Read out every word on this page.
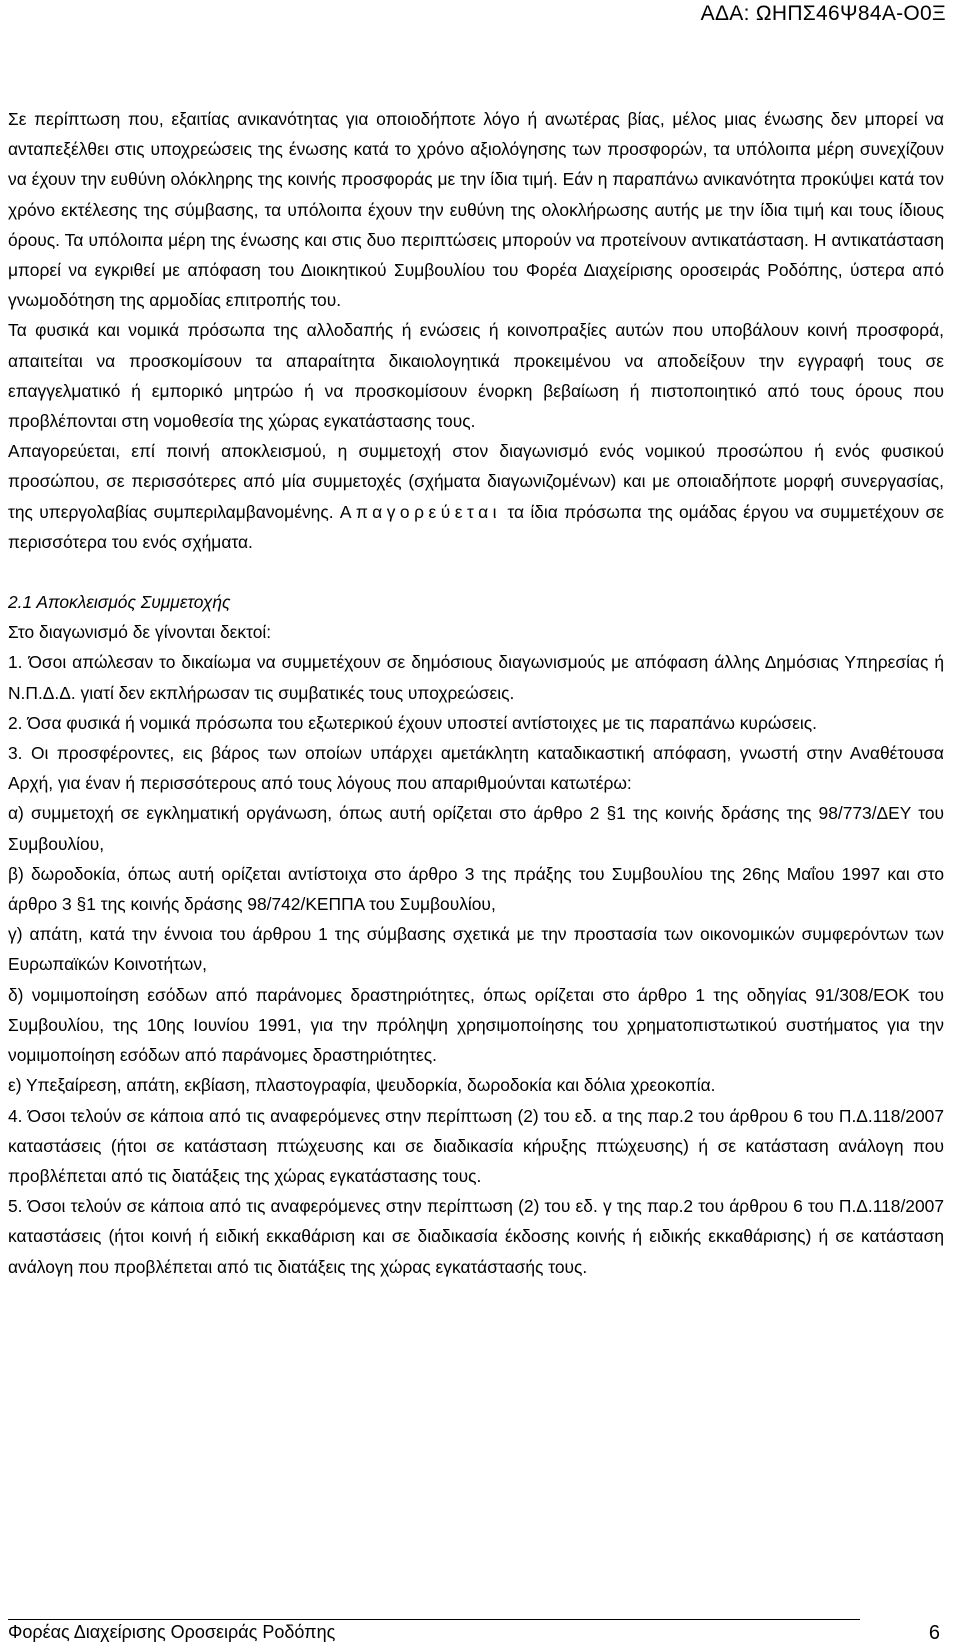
ΑΔΑ: ΩΗΠΣ46Ψ84Α-Ο0Ξ

Σε περίπτωση που, εξαιτίας ανικανότητας για οποιοδήποτε λόγο ή ανωτέρας βίας, μέλος μιας ένωσης δεν μπορεί να ανταπεξέλθει στις υποχρεώσεις της ένωσης κατά το χρόνο αξιολόγησης των προσφορών, τα υπόλοιπα μέρη συνεχίζουν να έχουν την ευθύνη ολόκληρης της κοινής προσφοράς με την ίδια τιμή. Εάν η παραπάνω ανικανότητα προκύψει κατά τον χρόνο εκτέλεσης της σύμβασης, τα υπόλοιπα έχουν την ευθύνη της ολοκλήρωσης αυτής με την ίδια τιμή και τους ίδιους όρους. Τα υπόλοιπα μέρη της ένωσης και στις δυο περιπτώσεις μπορούν να προτείνουν αντικατάσταση. Η αντικατάσταση μπορεί να εγκριθεί με απόφαση του Διοικητικού Συμβουλίου του Φορέα Διαχείρισης οροσειράς Ροδόπης, ύστερα από γνωμοδότηση της αρμοδίας επιτροπής του.

Τα φυσικά και νομικά πρόσωπα της αλλοδαπής ή ενώσεις ή κοινοπραξίες αυτών που υποβάλουν κοινή προσφορά, απαιτείται να προσκομίσουν τα απαραίτητα δικαιολογητικά προκειμένου να αποδείξουν την εγγραφή τους σε επαγγελματικό ή εμπορικό μητρώο ή να προσκομίσουν ένορκη βεβαίωση ή πιστοποιητικό από τους όρους που προβλέπονται στη νομοθεσία της χώρας εγκατάστασης τους.

Απαγορεύεται, επί ποινή αποκλεισμού, η συμμετοχή στον διαγωνισμό ενός νομικού προσώπου ή ενός φυσικού προσώπου, σε περισσότερες από μία συμμετοχές (σχήματα διαγωνιζομένων) και με οποιαδήποτε μορφή συνεργασίας, της υπεργολαβίας συμπεριλαμβανομένης. Απαγορεύεται τα ίδια πρόσωπα της ομάδας έργου να συμμετέχουν σε περισσότερα του ενός σχήματα.

2.1 Αποκλεισμός Συμμετοχής

Στο διαγωνισμό δε γίνονται δεκτοί:

1. Όσοι απώλεσαν το δικαίωμα να συμμετέχουν σε δημόσιους διαγωνισμούς με απόφαση άλλης Δημόσιας Υπηρεσίας ή Ν.Π.Δ.Δ. γιατί δεν εκπλήρωσαν τις συμβατικές τους υποχρεώσεις.

2. Όσα φυσικά ή νομικά πρόσωπα του εξωτερικού έχουν υποστεί αντίστοιχες με τις παραπάνω κυρώσεις.

3. Οι προσφέροντες, εις βάρος των οποίων υπάρχει αμετάκλητη καταδικαστική απόφαση, γνωστή στην Αναθέτουσα Αρχή, για έναν ή περισσότερους από τους λόγους που απαριθμούνται κατωτέρω:

α) συμμετοχή σε εγκληματική οργάνωση, όπως αυτή ορίζεται στο άρθρο 2 §1 της κοινής δράσης της 98/773/ΔΕΥ του Συμβουλίου,

β) δωροδοκία, όπως αυτή ορίζεται αντίστοιχα στο άρθρο 3 της πράξης του Συμβουλίου της 26ης Μαΐου 1997 και στο άρθρο 3 §1 της κοινής δράσης 98/742/ΚΕΠΠΑ του Συμβουλίου,

γ) απάτη, κατά την έννοια του άρθρου 1 της σύμβασης σχετικά με την προστασία των οικονομικών συμφερόντων των Ευρωπαϊκών Κοινοτήτων,

δ) νομιμοποίηση εσόδων από παράνομες δραστηριότητες, όπως ορίζεται στο άρθρο 1 της οδηγίας 91/308/ΕΟΚ του Συμβουλίου, της 10ης Ιουνίου 1991, για την πρόληψη χρησιμοποίησης του χρηματοπιστωτικού συστήματος για την νομιμοποίηση εσόδων από παράνομες δραστηριότητες.

ε) Υπεξαίρεση, απάτη, εκβίαση, πλαστογραφία, ψευδορκία, δωροδοκία και δόλια χρεοκοπία.

4. Όσοι τελούν σε κάποια από τις αναφερόμενες στην περίπτωση (2) του εδ. α της παρ.2 του άρθρου 6 του Π.Δ.118/2007 καταστάσεις (ήτοι σε κατάσταση πτώχευσης και σε διαδικασία κήρυξης πτώχευσης) ή σε κατάσταση ανάλογη που προβλέπεται από τις διατάξεις της χώρας εγκατάστασης τους.

5. Όσοι τελούν σε κάποια από τις αναφερόμενες στην περίπτωση (2) του εδ. γ της παρ.2 του άρθρου 6 του Π.Δ.118/2007 καταστάσεις (ήτοι κοινή ή ειδική εκκαθάριση και σε διαδικασία έκδοσης κοινής ή ειδικής εκκαθάρισης) ή σε κατάσταση ανάλογη που προβλέπεται από τις διατάξεις της χώρας εγκατάστασής τους.

Φορέας Διαχείρισης Οροσειράς Ροδόπης	6
